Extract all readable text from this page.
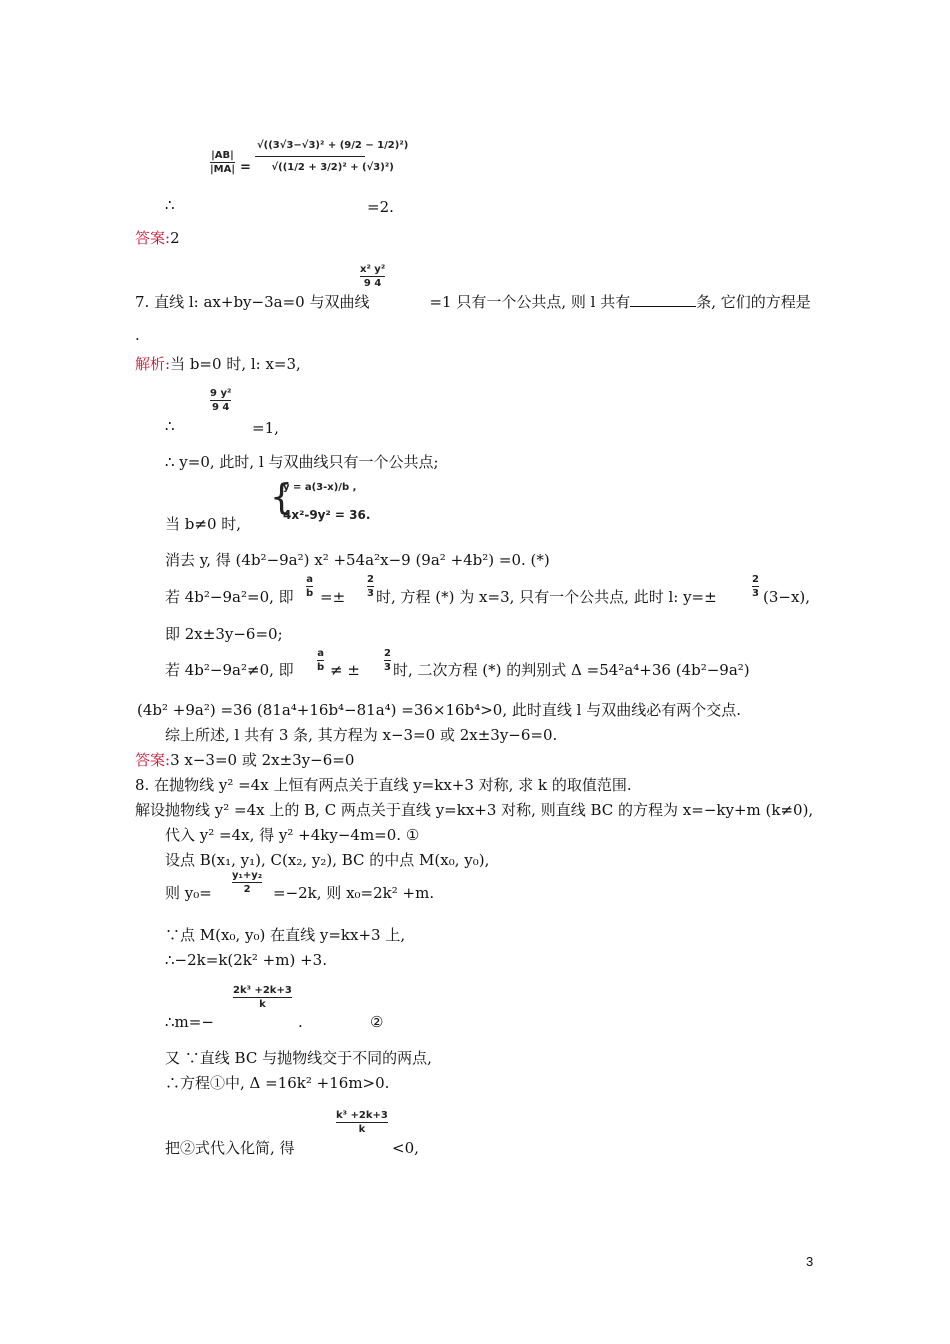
|AB|
|MA| =
√((3√3−√3)² + (9/2 − 1/2)²)
√((1/2 + 3/2)² + (√3)²)
∴	=2.
答案:2
x² y²
9 4
7. 直线 l: ax+by−3a=0 与双曲线	=1 只有一个公共点, 则 l 共有	条, 它们的方程是
.
解析:当 b=0 时, l: x=3,
9 y²
9 4
∴	=1,
∴ y=0, 此时, l 与双曲线只有一个公共点;
{
y = a(3-x)/b ,
4x²-9y² = 36.
当 b≠0 时,
消去 y, 得 (4b²−9a²) x² +54a²x−9 (9a² +4b²) =0. (*)
a
b
2
3
2
3
若 4b²−9a²=0, 即 =± 时, 方程 (*) 为 x=3, 只有一个公共点, 此时 l: y=±	(3−x),
即 2x±3y−6=0;
a
b
2
3
若 4b²−9a²≠0, 即 ≠ ± 时, 二次方程 (*) 的判别式 Δ =54²a⁴+36 (4b²−9a²)
(4b² +9a²) =36 (81a⁴+16b⁴−81a⁴) =36×16b⁴>0, 此时直线 l 与双曲线必有两个交点.
综上所述, l 共有 3 条, 其方程为 x−3=0 或 2x±3y−6=0.
答案:3 x−3=0 或 2x±3y−6=0
8. 在抛物线 y² =4x 上恒有两点关于直线 y=kx+3 对称, 求 k 的取值范围.
解设抛物线 y² =4x 上的 B, C 两点关于直线 y=kx+3 对称, 则直线 BC 的方程为 x=−ky+m (k≠0),
代入 y² =4x, 得 y² +4ky−4m=0. ①
设点 B(x₁, y₁), C(x₂, y₂), BC 的中点 M(x₀, y₀),
则 y₀=
y₁+y₂
2	=−2k, 则 x₀=2k² +m.
∵点 M(x₀, y₀) 在直线 y=kx+3 上,
∴−2k=k(2k² +m) +3.
2k³ +2k+3
k
∴m=−	.	②
又 ∵直线 BC 与抛物线交于不同的两点,
∴方程①中, Δ =16k² +16m>0.
k³ +2k+3
k
把②式代入化简, 得	<0,
3
